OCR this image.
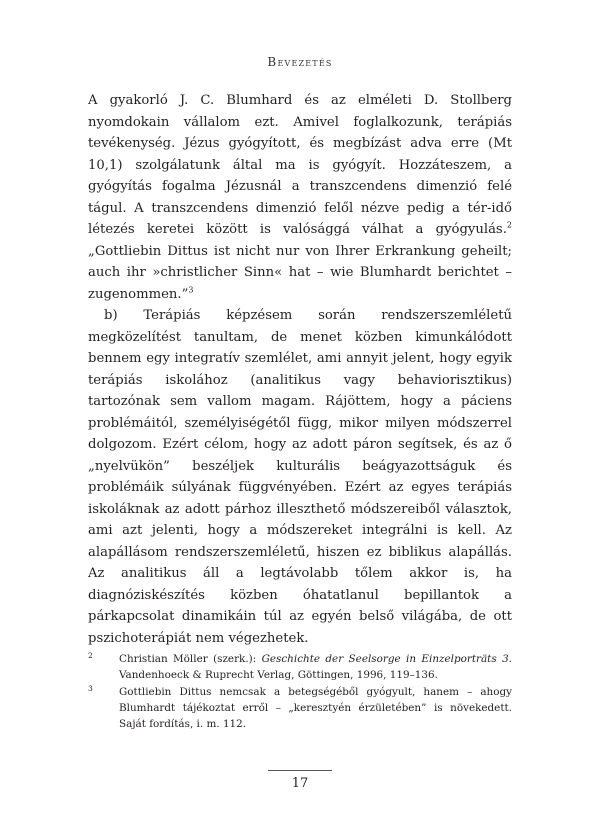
Bevezetés

A gyakorló J. C. Blumhard és az elméleti D. Stollberg nyomdokain vállalom ezt. Amivel foglalkozunk, terápiás tevékenység. Jézus gyógyított, és megbízást adva erre (Mt 10,1) szolgálatunk által ma is gyógyít. Hozzáteszem, a gyógyítás fogalma Jézusnál a transzcendens dimenzió felé tágul. A transzcendens dimenzió felől nézve pedig a tér-idő létezés keretei között is valósággá válhat a gyógyulás.$^2$ „Gottliebin Dittus ist nicht nur von Ihrer Erkrankung geheilt; auch ihr »christlicher Sinn« hat – wie Blumhardt berichtet – zugenommen.”$^3$

b) Terápiás képzésem során rendszerszemléletű megközelítést tanultam, de menet közben kimunkálódott bennem egy integratív szemlélet, ami annyit jelent, hogy egyik terápiás iskolához (analitikus vagy behaviorisztikus) tartozónak sem vallom magam. Rájöttem, hogy a páciens problémáitól, személyiségétől függ, mikor milyen módszerrel dolgozom. Ezért célom, hogy az adott páron segítsek, és az ő „nyelvükön” beszéljek kulturális beágyazottságuk és problémáik súlyának függvényében. Ezért az egyes terápiás iskoláknak az adott párhoz illeszthető módszereiből választok, ami azt jelenti, hogy a módszereket integrálni is kell. Az alapállásom rendszerszemléletű, hiszen ez biblikus alapállás. Az analitikus áll a legtávolabb tőlem akkor is, ha diagnóziskészítés közben óhatatlanul bepillantok a párkapcsolat dinamikáin túl az egyén belső világába, de ott pszichoterápiát nem végezhetek.

2	Christian Möller (szerk.): Geschichte der Seelsorge in Einzelporträts 3. Vandenhoeck & Ruprecht Verlag, Göttingen, 1996, 119–136.
3	Gottliebin Dittus nemcsak a betegségéből gyógyult, hanem – ahogy Blumhardt tájékoztat erről – „keresztyén érzületében” is növekedett. Saját fordítás, i. m. 112.
17
